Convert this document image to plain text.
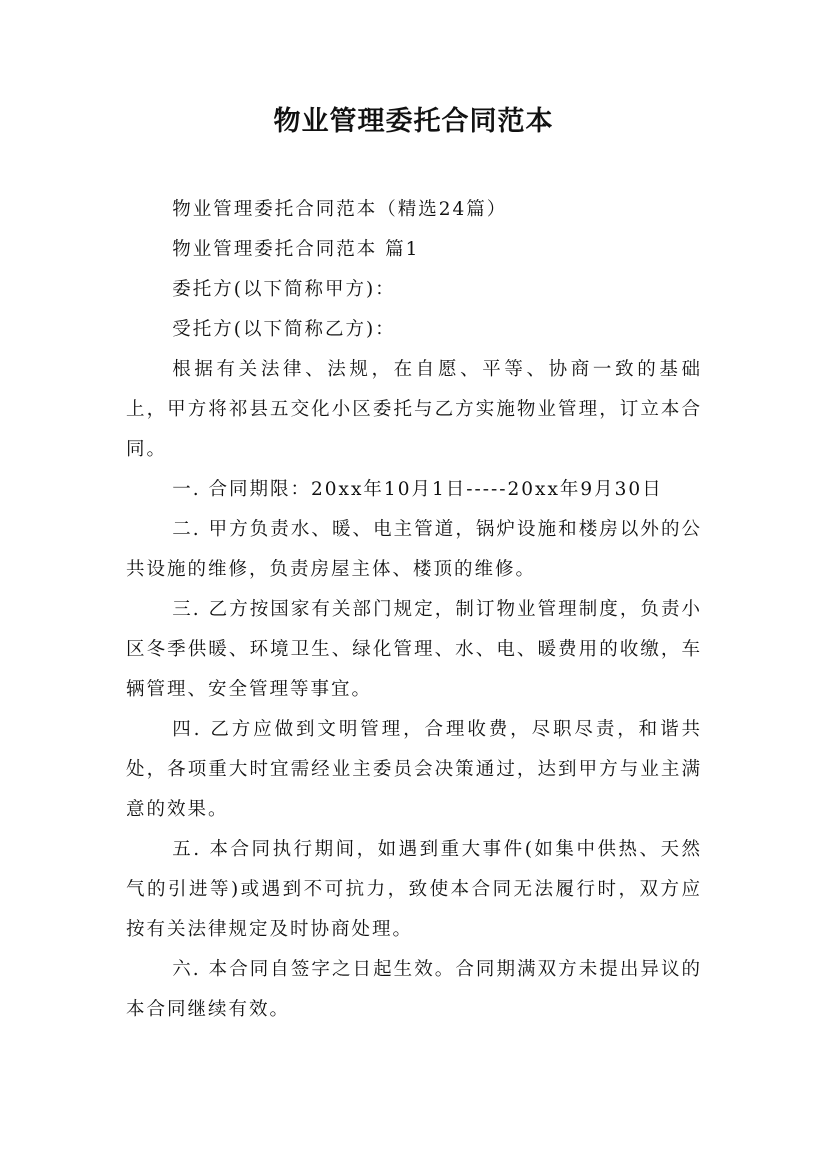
物业管理委托合同范本

物业管理委托合同范本（精选24篇）

物业管理委托合同范本 篇1

委托方(以下简称甲方)：

受托方(以下简称乙方)：

根据有关法律、法规，在自愿、平等、协商一致的基础上，甲方将祁县五交化小区委托与乙方实施物业管理，订立本合同。

一. 合同期限：20xx年10月1日-----20xx年9月30日

二. 甲方负责水、暖、电主管道，锅炉设施和楼房以外的公共设施的维修，负责房屋主体、楼顶的维修。

三. 乙方按国家有关部门规定，制订物业管理制度，负责小区冬季供暖、环境卫生、绿化管理、水、电、暖费用的收缴，车辆管理、安全管理等事宜。

四. 乙方应做到文明管理，合理收费，尽职尽责，和谐共处，各项重大时宜需经业主委员会决策通过，达到甲方与业主满意的效果。

五. 本合同执行期间，如遇到重大事件(如集中供热、天然气的引进等)或遇到不可抗力，致使本合同无法履行时，双方应按有关法律规定及时协商处理。

六. 本合同自签字之日起生效。合同期满双方未提出异议的本合同继续有效。
